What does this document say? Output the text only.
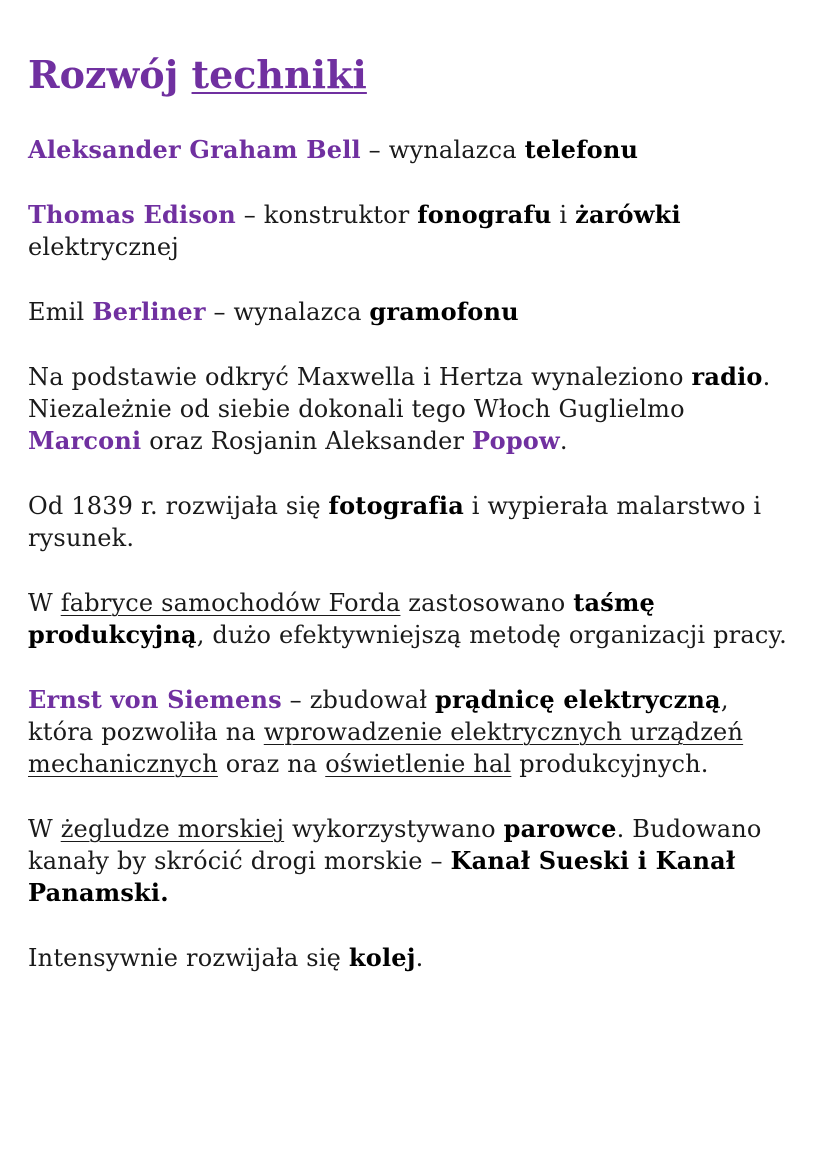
Rozwój techniki

Aleksander Graham Bell – wynalazca telefonu

Thomas Edison – konstruktor fonografu i żarówki
elektrycznej

Emil Berliner – wynalazca gramofonu

Na podstawie odkryć Maxwella i Hertza wynaleziono radio. Niezależnie od siebie dokonali tego Włoch Guglielmo Marconi oraz Rosjanin Aleksander Popow.

Od 1839 r. rozwijała się fotografia i wypierała malarstwo i rysunek.

W fabryce samochodów Forda zastosowano taśmę produkcyjną, dużo efektywniejszą metodę organizacji pracy.

Ernst von Siemens – zbudował prądnicę elektryczną, która pozwoliła na wprowadzenie elektrycznych urządzeń mechanicznych oraz na oświetlenie hal produkcyjnych.

W żegludze morskiej wykorzystywano parowce. Budowano kanały by skrócić drogi morskie – Kanał Sueski i Kanał Panamski.

Intensywnie rozwijała się kolej.
